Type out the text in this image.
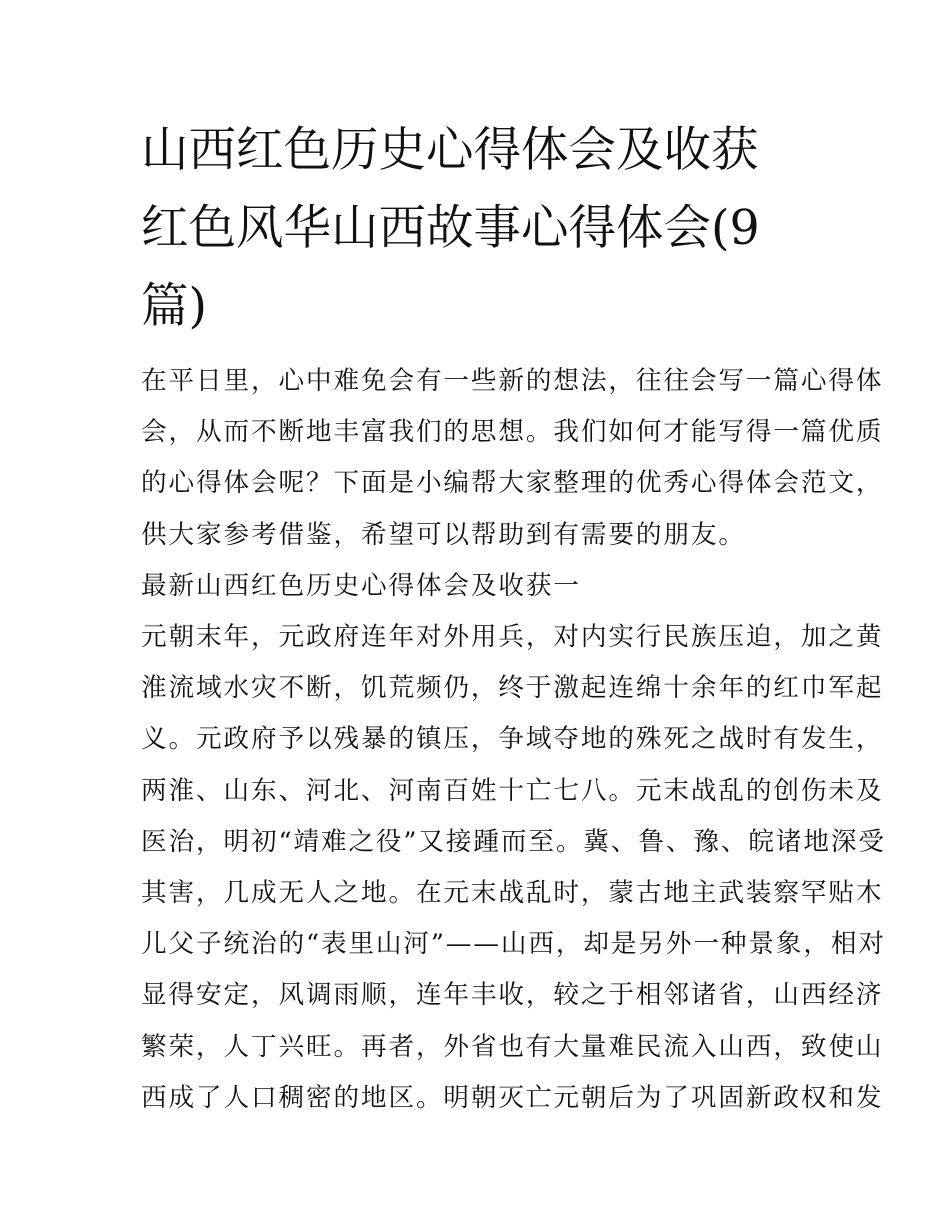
山西红色历史心得体会及收获
红色风华山西故事心得体会(9
篇)

在平日里，心中难免会有一些新的想法，往往会写一篇心得体
会，从而不断地丰富我们的思想。我们如何才能写得一篇优质
的心得体会呢？下面是小编帮大家整理的优秀心得体会范文，
供大家参考借鉴，希望可以帮助到有需要的朋友。

最新山西红色历史心得体会及收获一

元朝末年，元政府连年对外用兵，对内实行民族压迫，加之黄
淮流域水灾不断，饥荒频仍，终于激起连绵十余年的红巾军起
义。元政府予以残暴的镇压，争域夺地的殊死之战时有发生，
两淮、山东、河北、河南百姓十亡七八。元末战乱的创伤未及
医治，明初“靖难之役”又接踵而至。冀、鲁、豫、皖诸地深受
其害，几成无人之地。在元末战乱时，蒙古地主武装察罕贴木
儿父子统治的“表里山河”——山西，却是另外一种景象，相对
显得安定，风调雨顺，连年丰收，较之于相邻诸省，山西经济
繁荣，人丁兴旺。再者，外省也有大量难民流入山西，致使山
西成了人口稠密的地区。明朝灭亡元朝后为了巩固新政权和发
